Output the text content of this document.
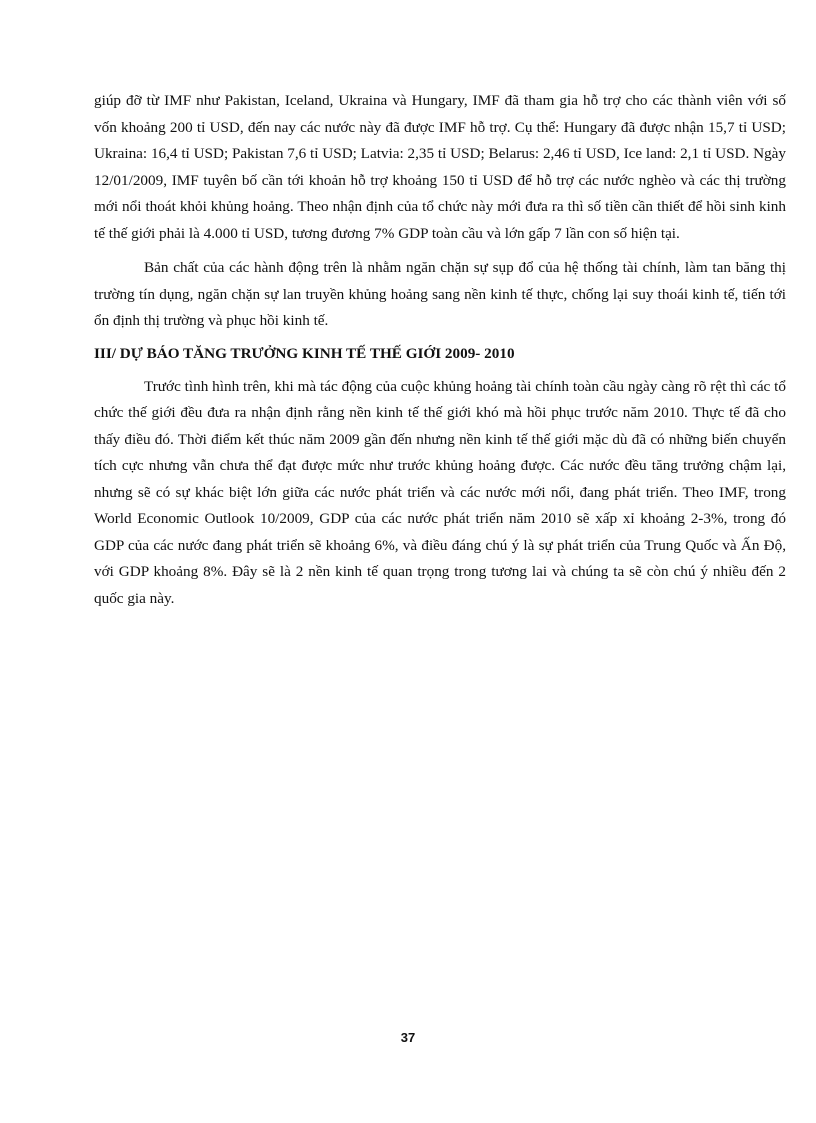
giúp đỡ từ IMF như Pakistan, Iceland, Ukraina và Hungary, IMF đã tham gia hỗ trợ cho các thành viên với số vốn khoảng 200 tỉ USD, đến nay các nước này đã được IMF hỗ trợ. Cụ thể: Hungary đã được nhận 15,7 tỉ USD; Ukraina: 16,4 tỉ USD; Pakistan 7,6 tỉ USD; Latvia: 2,35 tỉ USD; Belarus: 2,46 tỉ USD, Ice land: 2,1 tỉ USD. Ngày 12/01/2009, IMF tuyên bố cần tới khoản hỗ trợ khoảng 150 tỉ USD để hỗ trợ các nước nghèo và các thị trường mới nổi thoát khỏi khủng hoảng. Theo nhận định của tổ chức này mới đưa ra thì số tiền cần thiết để hồi sinh kinh tế thế giới phải là 4.000 tỉ USD, tương đương 7% GDP toàn cầu và lớn gấp 7 lần con số hiện tại.

Bản chất của các hành động trên là nhằm ngăn chặn sự sụp đổ của hệ thống tài chính, làm tan băng thị trường tín dụng, ngăn chặn sự lan truyền khủng hoảng sang nền kinh tế thực, chống lại suy thoái kinh tế, tiến tới ổn định thị trường và phục hồi kinh tế.

III/ DỰ BÁO TĂNG TRƯỞNG KINH TẾ THẾ GIỚI 2009- 2010

Trước tình hình trên, khi mà tác động của cuộc khủng hoảng tài chính toàn cầu ngày càng rõ rệt thì các tổ chức thế giới đều đưa ra nhận định rằng nền kinh tế thế giới khó mà hồi phục trước năm 2010. Thực tế đã cho thấy điều đó. Thời điểm kết thúc năm 2009 gần đến nhưng nền kinh tế thế giới mặc dù đã có những biến chuyển tích cực nhưng vẫn chưa thể đạt được mức như trước khủng hoảng được. Các nước đều tăng trưởng chậm lại, nhưng sẽ có sự khác biệt lớn giữa các nước phát triển và các nước mới nổi, đang phát triển. Theo IMF, trong World Economic Outlook 10/2009, GDP của các nước phát triển năm 2010 sẽ xấp xỉ khoảng 2-3%, trong đó GDP của các nước đang phát triển sẽ khoảng 6%, và điều đáng chú ý là sự phát triển của Trung Quốc và Ấn Độ, với GDP khoảng 8%. Đây sẽ là 2 nền kinh tế quan trọng trong tương lai và chúng ta sẽ còn chú ý nhiều đến 2 quốc gia này.

37
